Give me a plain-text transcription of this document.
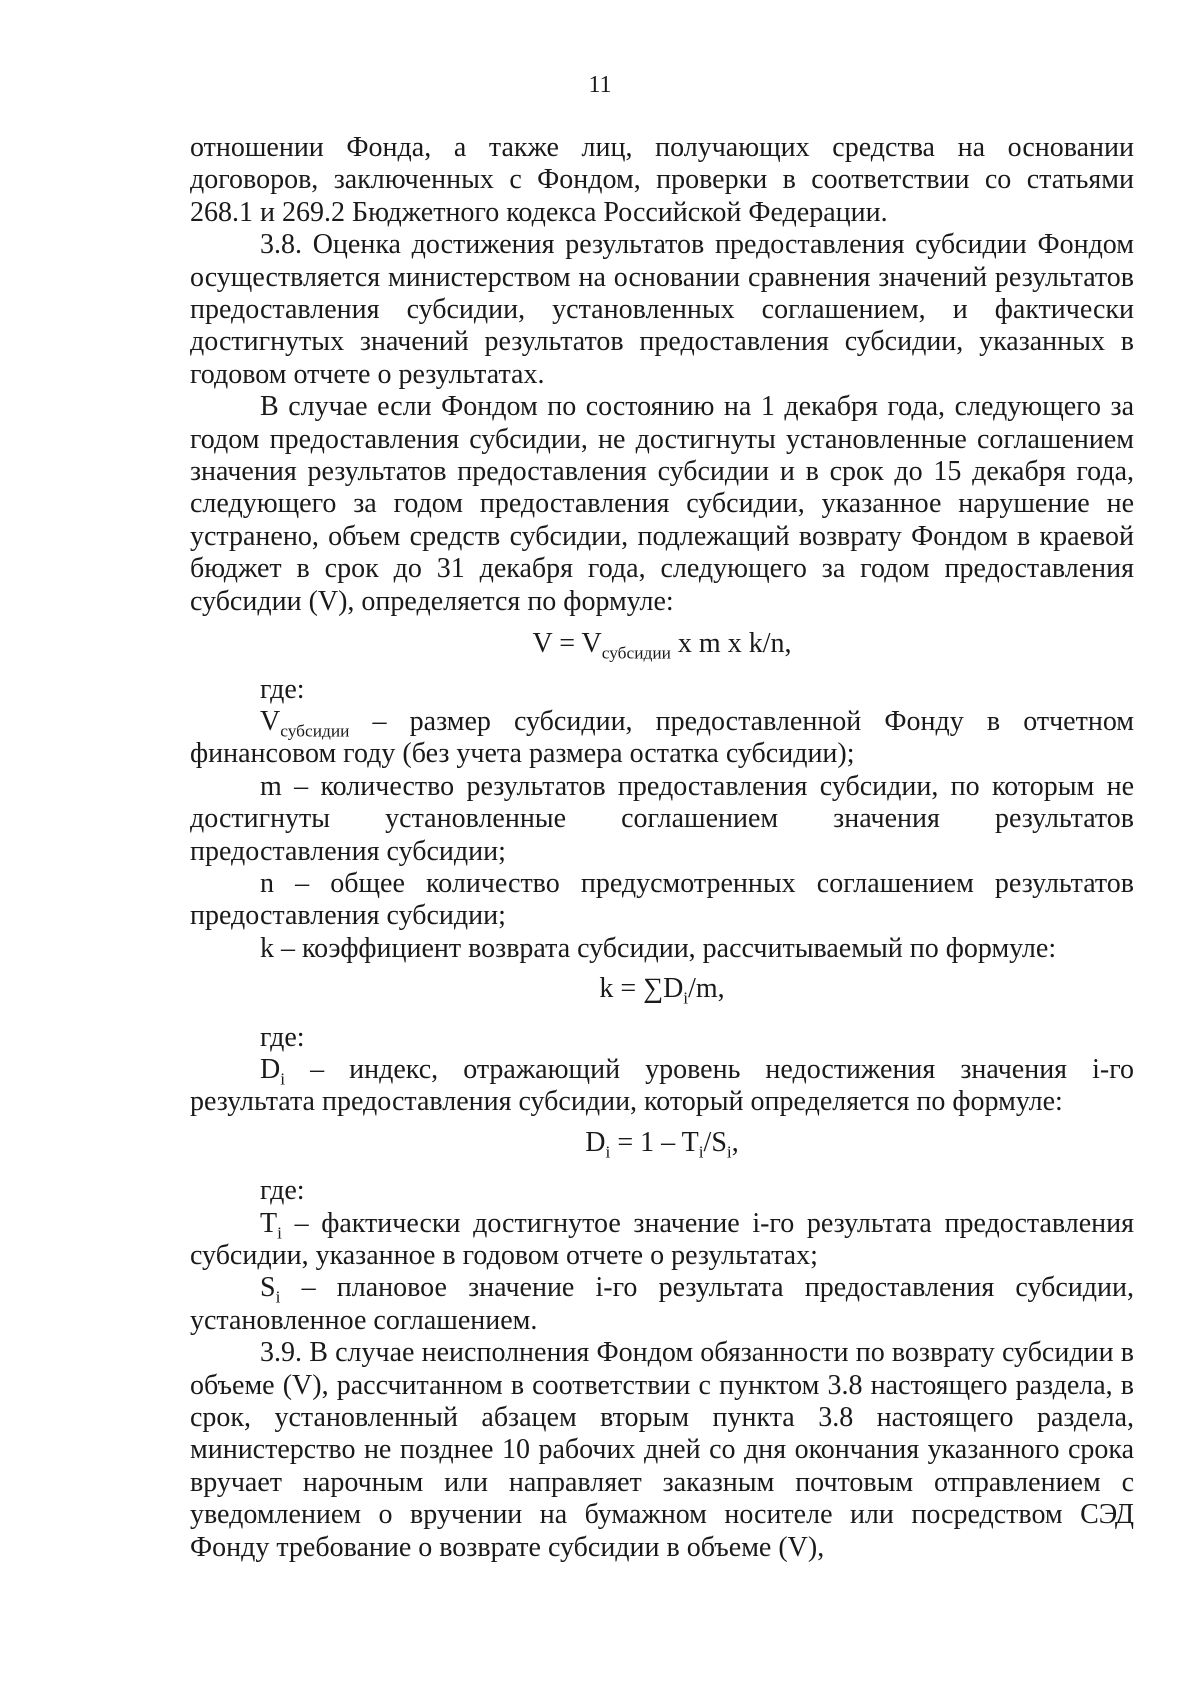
11

отношении Фонда, а также лиц, получающих средства на основании договоров, заключенных с Фондом, проверки в соответствии со статьями 268.1 и 269.2 Бюджетного кодекса Российской Федерации.

3.8. Оценка достижения результатов предоставления субсидии Фондом осуществляется министерством на основании сравнения значений результатов предоставления субсидии, установленных соглашением, и фактически достигнутых значений результатов предоставления субсидии, указанных в годовом отчете о результатах.

В случае если Фондом по состоянию на 1 декабря года, следующего за годом предоставления субсидии, не достигнуты установленные соглашением значения результатов предоставления субсидии и в срок до 15 декабря года, следующего за годом предоставления субсидии, указанное нарушение не устранено, объем средств субсидии, подлежащий возврату Фондом в краевой бюджет в срок до 31 декабря года, следующего за годом предоставления субсидии (V), определяется по формуле:

$V = V_{субсидии}$ x m x k/n,

где:

$V_{субсидии}$ – размер субсидии, предоставленной Фонду в отчетном финансовом году (без учета размера остатка субсидии);

m – количество результатов предоставления субсидии, по которым не достигнуты установленные соглашением значения результатов предоставления субсидии;

n – общее количество предусмотренных соглашением результатов предоставления субсидии;

k – коэффициент возврата субсидии, рассчитываемый по формуле:

$k = \sum D_i/m$,

где:

$D_i$ – индекс, отражающий уровень недостижения значения i-го результата предоставления субсидии, который определяется по формуле:

$D_i = 1 - T_i/S_i$,

где:

$T_i$ – фактически достигнутое значение i-го результата предоставления субсидии, указанное в годовом отчете о результатах;

$S_i$ – плановое значение i-го результата предоставления субсидии, установленное соглашением.

3.9. В случае неисполнения Фондом обязанности по возврату субсидии в объеме (V), рассчитанном в соответствии с пунктом 3.8 настоящего раздела, в срок, установленный абзацем вторым пункта 3.8 настоящего раздела, министерство не позднее 10 рабочих дней со дня окончания указанного срока вручает нарочным или направляет заказным почтовым отправлением с уведомлением о вручении на бумажном носителе или посредством СЭД Фонду требование о возврате субсидии в объеме (V),
